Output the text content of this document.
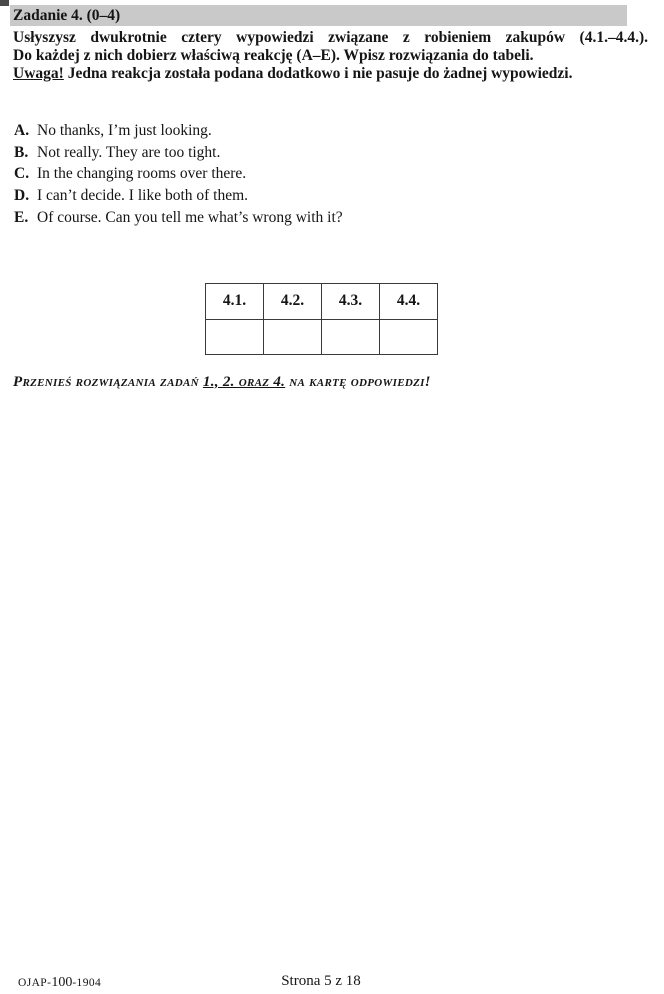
Zadanie 4. (0–4)
Usłyszysz dwukrotnie cztery wypowiedzi związane z robieniem zakupów (4.1.–4.4.).
Do każdej z nich dobierz właściwą reakcję (A–E). Wpisz rozwiązania do tabeli.
Uwaga! Jedna reakcja została podana dodatkowo i nie pasuje do żadnej wypowiedzi.
A. No thanks, I’m just looking.
B. Not really. They are too tight.
C. In the changing rooms over there.
D. I can’t decide. I like both of them.
E. Of course. Can you tell me what’s wrong with it?
4.1.	4.2.	4.3.	4.4.

Przenieś rozwiązania zadań 1., 2. oraz 4. na kartę odpowiedzi!
OJAP-100-1904	Strona 5 z 18
